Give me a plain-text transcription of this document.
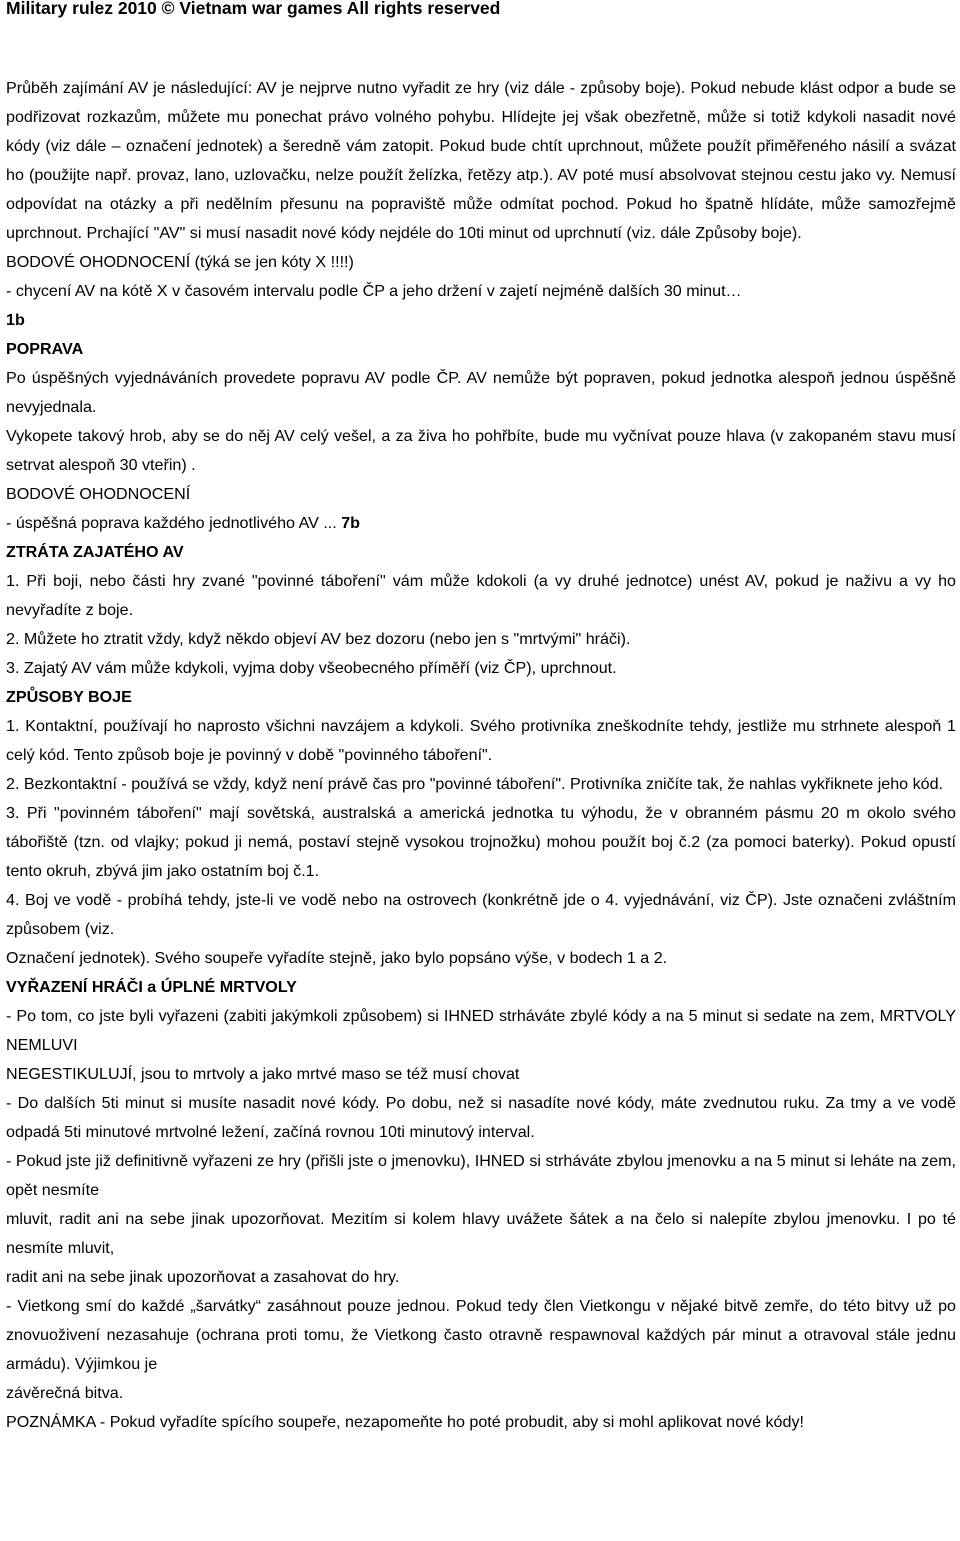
Military rulez 2010 © Vietnam war games All rights reserved

Průběh zajímání AV je následující: AV je nejprve nutno vyřadit ze hry (viz dále - způsoby boje). Pokud nebude klást odpor a bude se podřizovat rozkazům, můžete mu ponechat právo volného pohybu. Hlídejte jej však obezřetně, může si totiž kdykoli nasadit nové kódy (viz dále – označení jednotek) a šeredně vám zatopit. Pokud bude chtít uprchnout, můžete použít přiměřeného násilí a svázat ho (použijte např. provaz, lano, uzlovačku, nelze použít želízka, řetězy atp.). AV poté musí absolvovat stejnou cestu jako vy. Nemusí odpovídat na otázky a při nedělním přesunu na popraviště může odmítat pochod. Pokud ho špatně hlídáte, může samozřejmě uprchnout. Prchající "AV" si musí nasadit nové kódy nejdéle do 10ti minut od uprchnutí (viz. dále Způsoby boje).

BODOVÉ OHODNOCENÍ (týká se jen kóty X !!!!)

- chycení AV na kótě X v časovém intervalu podle ČP a jeho držení v zajetí nejméně dalších 30 minut…

1b

POPRAVA

Po úspěšných vyjednáváních provedete popravu AV podle ČP. AV nemůže být popraven, pokud jednotka alespoň jednou úspěšně nevyjednala.

Vykopete takový hrob, aby se do něj AV celý vešel, a za živa ho pohřbíte, bude mu vyčnívat pouze hlava (v zakopaném stavu musí setrvat alespoň 30 vteřin) .

BODOVÉ OHODNOCENÍ

- úspěšná poprava každého jednotlivého AV ... 7b

ZTRÁTA ZAJATÉHO AV

1. Při boji, nebo části hry zvané "povinné táboření" vám může kdokoli (a vy druhé jednotce) unést AV, pokud je naživu a vy ho nevyřadíte z boje.

2. Můžete ho ztratit vždy, když někdo objeví AV bez dozoru (nebo jen s "mrtvými" hráči).

3. Zajatý AV vám může kdykoli, vyjma doby všeobecného příměří (viz ČP), uprchnout.

ZPŮSOBY BOJE

1. Kontaktní, používají ho naprosto všichni navzájem a kdykoli. Svého protivníka zneškodníte tehdy, jestliže mu strhnete alespoň 1 celý kód. Tento způsob boje je povinný v době "povinného táboření".

2. Bezkontaktní - používá se vždy, když není právě čas pro "povinné táboření". Protivníka zničíte tak, že nahlas vykřiknete jeho kód.

3. Při "povinném táboření" mají sovětská, australská a americká jednotka tu výhodu, že v obranném pásmu 20 m okolo svého tábořiště (tzn. od vlajky; pokud ji nemá, postaví stejně vysokou trojnožku) mohou použít boj č.2 (za pomoci baterky). Pokud opustí tento okruh, zbývá jim jako ostatním boj č.1.

4. Boj ve vodě - probíhá tehdy, jste-li ve vodě nebo na ostrovech (konkrétně jde o 4. vyjednávání, viz ČP). Jste označeni zvláštním způsobem (viz.

Označení jednotek). Svého soupeře vyřadíte stejně, jako bylo popsáno výše, v bodech 1 a 2.

VYŘAZENÍ HRÁČI a ÚPLNÉ MRTVOLY

- Po tom, co jste byli vyřazeni (zabiti jakýmkoli způsobem) si IHNED strháváte zbylé kódy a na 5 minut si sedate na zem, MRTVOLY NEMLUVI

NEGESTIKULUJÍ, jsou to mrtvoly a jako mrtvé maso se též musí chovat

- Do dalších 5ti minut si musíte nasadit nové kódy. Po dobu, než si nasadíte nové kódy, máte zvednutou ruku. Za tmy a ve vodě odpadá 5ti minutové mrtvolné ležení, začíná rovnou 10ti minutový interval.

- Pokud jste již definitivně vyřazeni ze hry (přišli jste o jmenovku), IHNED si strháváte zbylou jmenovku a na 5 minut si leháte na zem, opět nesmíte

mluvit, radit ani na sebe jinak upozorňovat. Mezitím si kolem hlavy uvážete šátek a na čelo si nalepíte zbylou jmenovku. I po té nesmíte mluvit,

radit ani na sebe jinak upozorňovat a zasahovat do hry.

- Vietkong smí do každé „šarvátky“ zasáhnout pouze jednou. Pokud tedy člen Vietkongu v nějaké bitvě zemře, do této bitvy už po znovuoživení nezasahuje (ochrana proti tomu, že Vietkong často otravně respawnoval každých pár minut a otravoval stále jednu armádu). Výjimkou je

závěrečná bitva.

POZNÁMKA - Pokud vyřadíte spícího soupeře, nezapomeňte ho poté probudit, aby si mohl aplikovat nové kódy!
